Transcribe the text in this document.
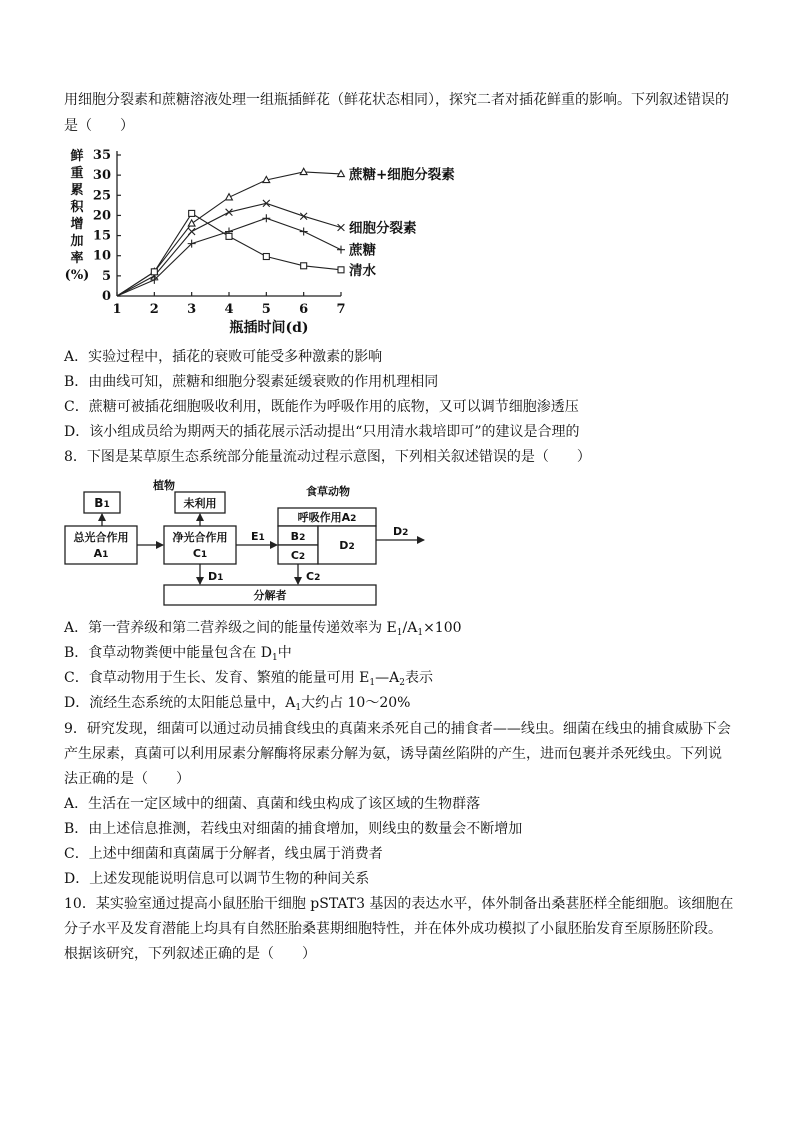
用细胞分裂素和蔗糖溶液处理一组瓶插鲜花（鲜花状态相同），探究二者对插花鲜重的影响。下列叙述错误的
是（　　）
鲜
重
累
积
增
加
率
(%)
0
5
10
15
20
25
30
35
1 2 3 4 5 6 7
蔗糖+细胞分裂素
细胞分裂素
蔗糖
清水
瓶插时间(d)
A．实验过程中，插花的衰败可能受多种激素的影响
B．由曲线可知，蔗糖和细胞分裂素延缓衰败的作用机理相同
C．蔗糖可被插花细胞吸收利用，既能作为呼吸作用的底物，又可以调节细胞渗透压
D．该小组成员给为期两天的插花展示活动提出“只用清水栽培即可”的建议是合理的
8．下图是某草原生态系统部分能量流动过程示意图，下列相关叙述错误的是（　　）
植物	食草动物
B1	未利用
总光合作用
A1
净光合作用
C1
呼吸作用A2
B2
C2
D2
分解者
E1	D2
D1	C2
A．第一营养级和第二营养级之间的能量传递效率为 $E_1/A_1\times 100$
B．食草动物粪便中能量包含在 $D_1$中
C．食草动物用于生长、发育、繁殖的能量可用 $E_1—A_2$表示
D．流经生态系统的太阳能总量中，$A_1$大约占 10～20%
9．研究发现，细菌可以通过动员捕食线虫的真菌来杀死自己的捕食者——线虫。细菌在线虫的捕食威胁下会
产生尿素，真菌可以利用尿素分解酶将尿素分解为氨，诱导菌丝陷阱的产生，进而包裹并杀死线虫。下列说
法正确的是（　　）
A．生活在一定区域中的细菌、真菌和线虫构成了该区域的生物群落
B．由上述信息推测，若线虫对细菌的捕食增加，则线虫的数量会不断增加
C．上述中细菌和真菌属于分解者，线虫属于消费者
D．上述发现能说明信息可以调节生物的种间关系
10．某实验室通过提高小鼠胚胎干细胞 pSTAT3 基因的表达水平，体外制备出桑葚胚样全能细胞。该细胞在
分子水平及发育潜能上均具有自然胚胎桑葚期细胞特性，并在体外成功模拟了小鼠胚胎发育至原肠胚阶段。
根据该研究，下列叙述正确的是（　　）
